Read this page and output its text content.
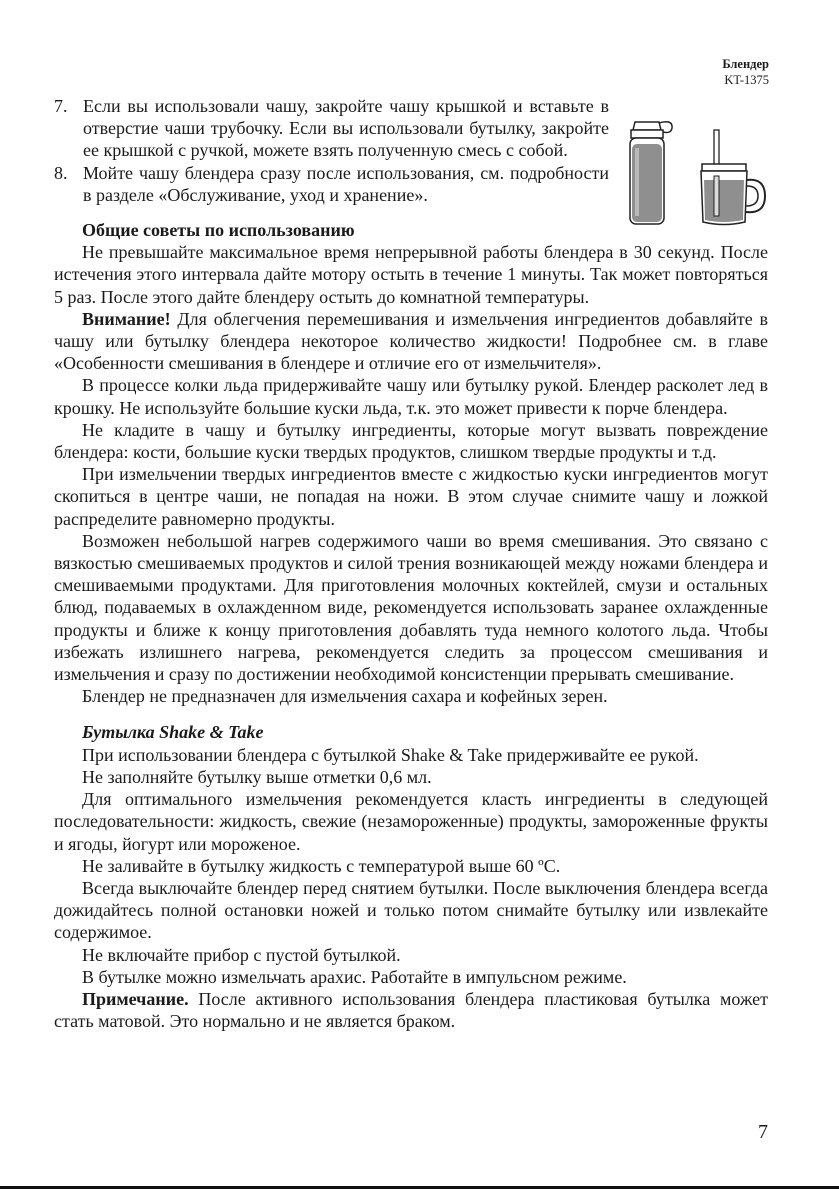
Блендер
KT-1375
7. Если вы использовали чашу, закройте чашу крышкой и вставьте в отверстие чаши трубочку. Если вы использовали бутылку, закройте ее крышкой с ручкой, можете взять полученную смесь с собой.
8. Мойте чашу блендера сразу после использования, см. подробности в разделе «Обслуживание, уход и хранение».
Общие советы по использованию

Не превышайте максимальное время непрерывной работы блендера в 30 секунд. После истечения этого интервала дайте мотору остыть в течение 1 минуты. Так может повторяться 5 раз. После этого дайте блендеру остыть до комнатной температуры.

Внимание! Для облегчения перемешивания и измельчения ингредиентов добавляйте в чашу или бутылку блендера некоторое количество жидкости! Подробнее см. в главе «Особенности смешивания в блендере и отличие его от измельчителя».

В процессе колки льда придерживайте чашу или бутылку рукой. Блендер расколет лед в крошку. Не используйте большие куски льда, т.к. это может привести к порче блендера.

Не кладите в чашу и бутылку ингредиенты, которые могут вызвать повреждение блендера: кости, большие куски твердых продуктов, слишком твердые продукты и т.д.

При измельчении твердых ингредиентов вместе с жидкостью куски ингредиентов могут скопиться в центре чаши, не попадая на ножи. В этом случае снимите чашу и ложкой распределите равномерно продукты.

Возможен небольшой нагрев содержимого чаши во время смешивания. Это связано с вязкостью смешиваемых продуктов и силой трения возникающей между ножами блендера и смешиваемыми продуктами. Для приготовления молочных коктейлей, смузи и остальных блюд, подаваемых в охлажденном виде, рекомендуется использовать заранее охлажденные продукты и ближе к концу приготовления добавлять туда немного колотого льда. Чтобы избежать излишнего нагрева, рекомендуется следить за процессом смешивания и измельчения и сразу по достижении необходимой консистенции прерывать смешивание.

Блендер не предназначен для измельчения сахара и кофейных зерен.

Бутылка Shake & Take

При использовании блендера с бутылкой Shake & Take придерживайте ее рукой.

Не заполняйте бутылку выше отметки 0,6 мл.

Для оптимального измельчения рекомендуется класть ингредиенты в следующей последовательности: жидкость, свежие (незамороженные) продукты, замороженные фрукты и ягоды, йогурт или мороженое.

Не заливайте в бутылку жидкость с температурой выше 60 ºС.

Всегда выключайте блендер перед снятием бутылки. После выключения блендера всегда дожидайтесь полной остановки ножей и только потом снимайте бутылку или извлекайте содержимое.

Не включайте прибор с пустой бутылкой.

В бутылке можно измельчать арахис. Работайте в импульсном режиме.

Примечание. После активного использования блендера пластиковая бутылка может стать матовой. Это нормально и не является браком.

7
